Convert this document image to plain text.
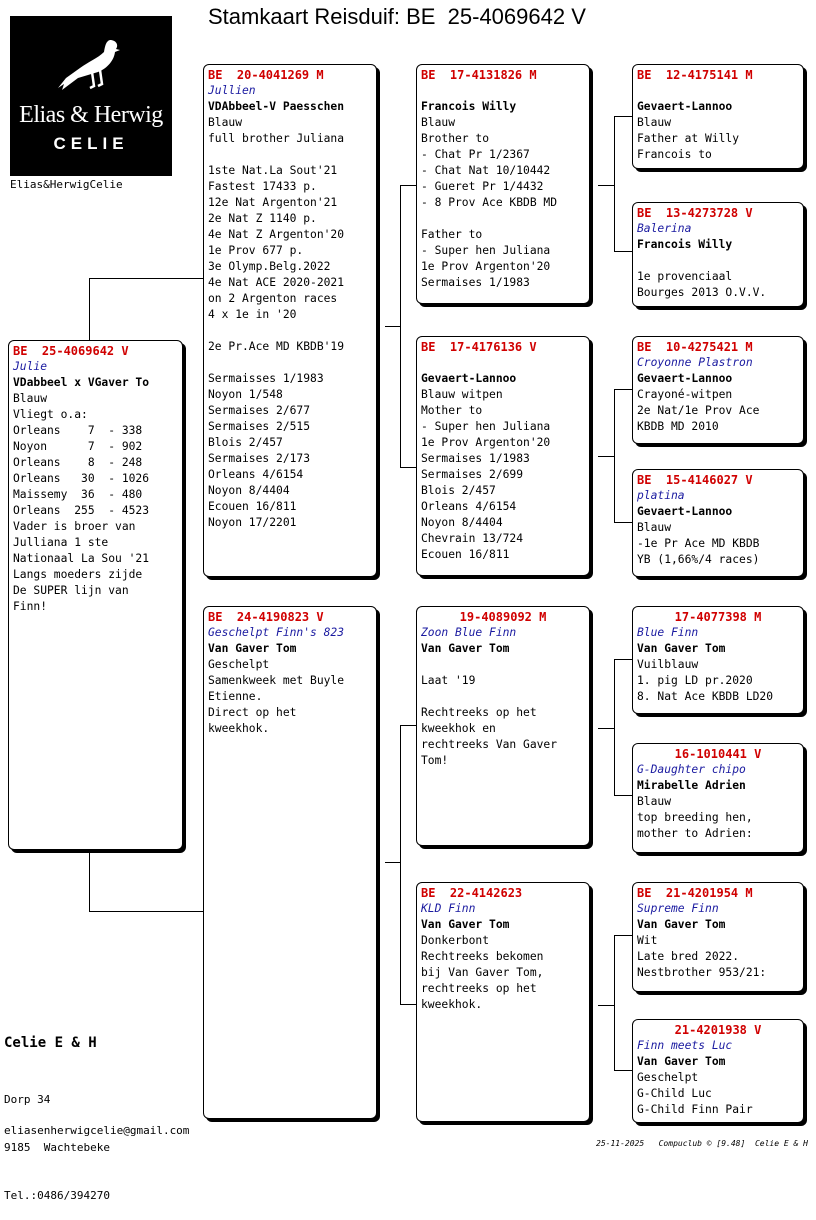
Stamkaart Reisduif: BE  25-4069642 V
Elias & Herwig
CELIE
Elias&HerwigCelie
BE  25-4069642 V
Julie
VDabbeel x VGaver To
Blauw
Vliegt o.a:
Orleans    7  - 338
Noyon      7  - 902
Orleans    8  - 248
Orleans   30  - 1026
Maissemy  36  - 480
Orleans  255  - 4523
Vader is broer van
Julliana 1 ste
Nationaal La Sou '21
Langs moeders zijde
De SUPER lijn van
Finn!
BE  20-4041269 M
Jullien
VDAbbeel-V Paesschen
Blauw
full brother Juliana
1ste Nat.La Sout'21
Fastest 17433 p.
12e Nat Argenton'21
2e Nat Z 1140 p.
4e Nat Z Argenton'20
1e Prov 677 p.
3e Olymp.Belg.2022
4e Nat ACE 2020-2021
on 2 Argenton races
4 x 1e in '20
2e Pr.Ace MD KBDB'19
Sermaisses 1/1983
Noyon 1/548
Sermaises 2/677
Sermaises 2/515
Blois 2/457
Sermaises 2/173
Orleans 4/6154
Noyon 8/4404
Ecouen 16/811
Noyon 17/2201
BE  24-4190823 V
Geschelpt Finn's 823
Van Gaver Tom
Geschelpt
Samenkweek met Buyle
Etienne.
Direct op het
kweekhok.
BE  17-4131826 M
Francois Willy
Blauw
Brother to
- Chat Pr 1/2367
- Chat Nat 10/10442
- Gueret Pr 1/4432
- 8 Prov Ace KBDB MD
Father to
- Super hen Juliana
1e Prov Argenton'20
Sermaises 1/1983
BE  17-4176136 V
Gevaert-Lannoo
Blauw witpen
Mother to
- Super hen Juliana
1e Prov Argenton'20
Sermaises 1/1983
Sermaises 2/699
Blois 2/457
Orleans 4/6154
Noyon 8/4404
Chevrain 13/724
Ecouen 16/811
19-4089092 M
Zoon Blue Finn
Van Gaver Tom
Laat '19
Rechtreeks op het
kweekhok en
rechtreeks Van Gaver
Tom!
BE  22-4142623
KLD Finn
Van Gaver Tom
Donkerbont
Rechtreeks bekomen
bij Van Gaver Tom,
rechtreeks op het
kweekhok.
BE  12-4175141 M
Gevaert-Lannoo
Blauw
Father at Willy
Francois to
BE  13-4273728 V
Balerina
Francois Willy
1e provenciaal
Bourges 2013 O.V.V.
BE  10-4275421 M
Croyonne Plastron
Gevaert-Lannoo
Crayoné-witpen
2e Nat/1e Prov Ace
KBDB MD 2010
BE  15-4146027 V
platina
Gevaert-Lannoo
Blauw
-1e Pr Ace MD KBDB
YB (1,66%/4 races)
17-4077398 M
Blue Finn
Van Gaver Tom
Vuilblauw
1. pig LD pr.2020
8. Nat Ace KBDB LD20
16-1010441 V
G-Daughter chipo
Mirabelle Adrien
Blauw
top breeding hen,
mother to Adrien:
BE  21-4201954 M
Supreme Finn
Van Gaver Tom
Wit
Late bred 2022.
Nestbrother 953/21:
21-4201938 V
Finn meets Luc
Van Gaver Tom
Geschelpt
G-Child Luc
G-Child Finn Pair
Celie E & H

Dorp 34

9185  Wachtebeke

Tel.:0486/394270

eliasenherwigcelie@gmail.com
25-11-2025   Compuclub © [9.48]  Celie E & H
